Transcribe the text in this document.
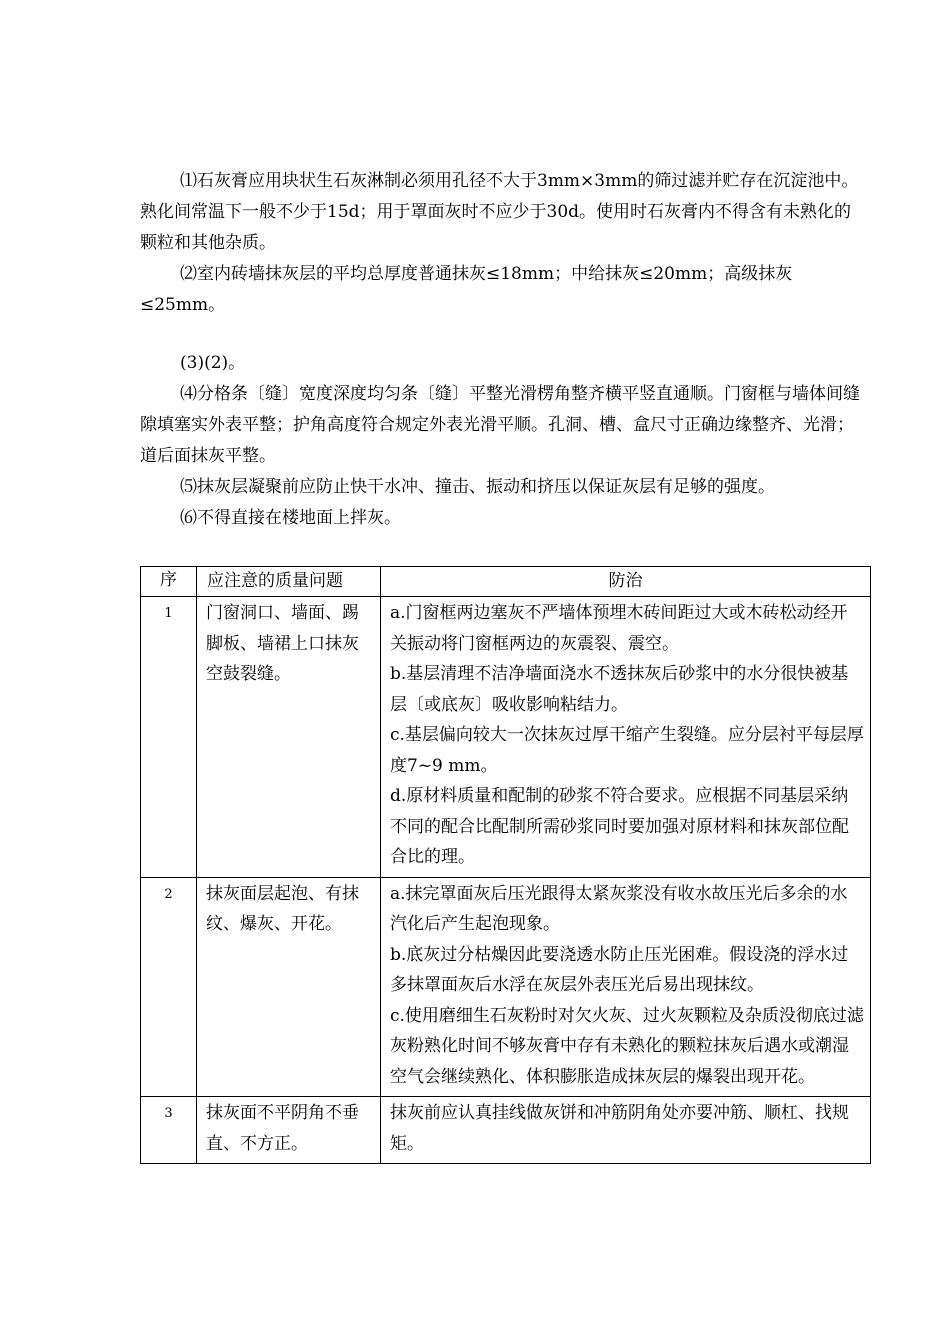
⑴石灰膏应用块状生石灰淋制必须用孔径不大于3mm×3mm的筛过滤并贮存在沉淀池中。熟化间常温下一般不少于15d；用于罩面灰时不应少于30d。使用时石灰膏内不得含有未熟化的颗粒和其他杂质。

⑵室内砖墙抹灰层的平均总厚度普通抹灰≤18mm；中给抹灰≤20mm；高级抹灰≤25mm。

(3)(2)。

⑷分格条〔缝〕宽度深度均匀条〔缝〕平整光滑楞角整齐横平竖直通顺。门窗框与墙体间缝隙填塞实外表平整；护角高度符合规定外表光滑平顺。孔洞、槽、盒尺寸正确边缘整齐、光滑；道后面抹灰平整。

⑸抹灰层凝聚前应防止快干水冲、撞击、振动和挤压以保证灰层有足够的强度。

⑹不得直接在楼地面上拌灰。

序	应注意的质量问题	防治
1	门窗洞口、墙面、踢脚板、墙裙上口抹灰空鼓裂缝。	a.门窗框两边塞灰不严墙体预埋木砖间距过大或木砖松动经开关振动将门窗框两边的灰震裂、震空。
b.基层清理不洁净墙面浇水不透抹灰后砂浆中的水分很快被基层〔或底灰〕吸收影响粘结力。
c.基层偏向较大一次抹灰过厚干缩产生裂缝。应分层衬平每层厚度7~9 mm。
d.原材料质量和配制的砂浆不符合要求。应根据不同基层采纳不同的配合比配制所需砂浆同时要加强对原材料和抹灰部位配合比的理。

2	抹灰面层起泡、有抹纹、爆灰、开花。	a.抹完罩面灰后压光跟得太紧灰浆没有收水故压光后多余的水汽化后产生起泡现象。
b.底灰过分枯燥因此要浇透水防止压光困难。假设浇的浮水过多抹罩面灰后水浮在灰层外表压光后易出现抹纹。
c.使用磨细生石灰粉时对欠火灰、过火灰颗粒及杂质没彻底过滤灰粉熟化时间不够灰膏中存有未熟化的颗粒抹灰后遇水或潮湿空气会继续熟化、体积膨胀造成抹灰层的爆裂出现开花。

3	抹灰面不平阴角不垂直、不方正。	抹灰前应认真挂线做灰饼和冲筋阴角处亦要冲筋、顺杠、找规矩。
